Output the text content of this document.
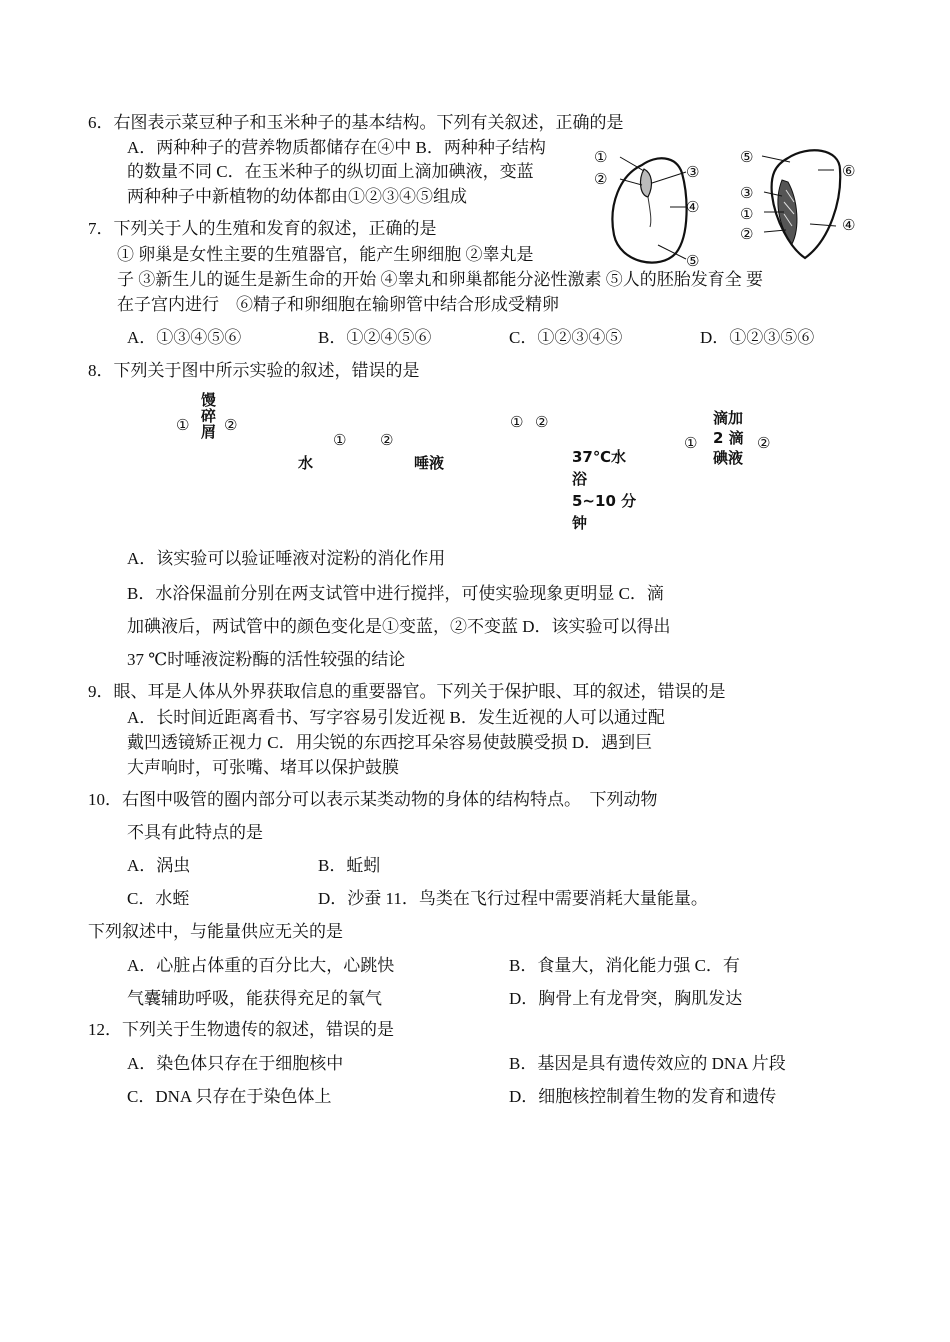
6．右图表示菜豆种子和玉米种子的基本结构。下列有关叙述，正确的是
A．两种种子的营养物质都储存在④中 B．两种种子结构
的数量不同 C．在玉米种子的纵切面上滴加碘液，变蓝
两种种子中新植物的幼体都由①②③④⑤组成
①
②	③
④
⑤
⑤
⑥
③
①
②	④
7．下列关于人的生殖和发育的叙述，正确的是
① 卵巢是女性主要的生殖器官，能产生卵细胞 ②睾丸是
子 ③新生儿的诞生是新生命的开始 ④睾丸和卵巢都能分泌性激素 ⑤人的胚胎发育全 要
在子宫内进行　⑥精子和卵细胞在输卵管中结合形成受精卵
A．①③④⑤⑥	B．①②④⑤⑥	C．①②③④⑤	D．①②③⑤⑥
8．下列关于图中所示实验的叙述，错误的是
①
馒
碎
屑 ②
① ②
水	唾液
① ②
37℃水
浴
5~10 分
钟
滴加
2 滴
碘液
①	②
A．该实验可以验证唾液对淀粉的消化作用
B．水浴保温前分别在两支试管中进行搅拌，可使实验现象更明显 C．滴
加碘液后，两试管中的颜色变化是①变蓝，②不变蓝 D．该实验可以得出
37 ℃时唾液淀粉酶的活性较强的结论
9．眼、耳是人体从外界获取信息的重要器官。下列关于保护眼、耳的叙述，错误的是
A．长时间近距离看书、写字容易引发近视 B．发生近视的人可以通过配
戴凹透镜矫正视力 C．用尖锐的东西挖耳朵容易使鼓膜受损 D．遇到巨
大声响时，可张嘴、堵耳以保护鼓膜
10．右图中吸管的圈内部分可以表示某类动物的身体的结构特点。　下列动物
不具有此特点的是
A．涡虫	B．蚯蚓
C．水蛭	D．沙蚕 11．鸟类在飞行过程中需要消耗大量能量。
下列叙述中，与能量供应无关的是
A．心脏占体重的百分比大，心跳快	B．食量大，消化能力强 C．有
气囊辅助呼吸，能获得充足的氧气	D．胸骨上有龙骨突，胸肌发达
12．下列关于生物遗传的叙述，错误的是
A．染色体只存在于细胞核中	B．基因是具有遗传效应的 DNA 片段
C．DNA 只存在于染色体上	D．细胞核控制着生物的发育和遗传
